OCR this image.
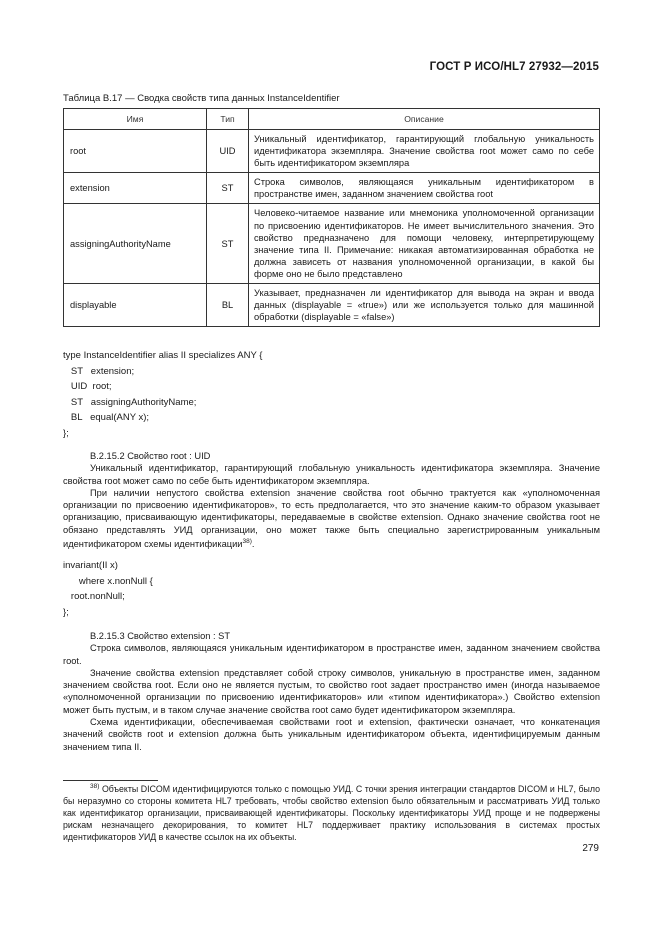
ГОСТ Р ИСО/HL7 27932—2015
Таблица В.17 — Сводка свойств типа данных InstanceIdentifier
Имя	Тип	Описание
root	UID	Уникальный идентификатор, гарантирующий глобальную уникальность идентификатора экземпляра. Значение свойства root может само по себе быть идентификатором экземпляра
extension	ST	Строка символов, являющаяся уникальным идентификатором в пространстве имен, заданном значением свойства root
assigningAuthorityName	ST	Человеко-читаемое название или мнемоника уполномоченной организации по присвоению идентификаторов. Не имеет вычислительного значения. Это свойство предназначено для помощи человеку, интерпретирующему значение типа II. Примечание: никакая автоматизированная обработка не должна зависеть от названия уполномоченной организации, в какой бы форме оно не было представлено
displayable	BL	Указывает, предназначен ли идентификатор для вывода на экран и ввода данных (displayable = «true») или же используется только для машинной обработки (displayable = «false»)
type InstanceIdentifier alias II specializes ANY {
ST   extension;
UID  root;
ST   assigningAuthorityName;
BL   equal(ANY x);
};

B.2.15.2 Свойство root : UID

Уникальный идентификатор, гарантирующий глобальную уникальность идентификатора экземпляра. Значение свойства root может само по себе быть идентификатором экземпляра.

При наличии непустого свойства extension значение свойства root обычно трактуется как «уполномоченная организации по присвоению идентификаторов», то есть предполагается, что это значение каким-то образом указывает организацию, присваивающую идентификаторы, передаваемые в свойстве extension. Однако значение свойства root не обязано представлять УИД организации, оно может также быть специально зарегистрированным уникальным идентификатором схемы идентификации$^{38)}$.

invariant(II x)
where x.nonNull {
root.nonNull;
};

B.2.15.3 Свойство extension : ST

Строка символов, являющаяся уникальным идентификатором в пространстве имен, заданном значением свойства root.

Значение свойства extension представляет собой строку символов, уникальную в пространстве имен, заданном значением свойства root. Если оно не является пустым, то свойство root задает пространство имен (иногда называемое «уполномоченной организации по присвоению идентификаторов» или «типом идентификатора».) Свойство extension может быть пустым, и в таком случае значение свойства root само будет идентификатором экземпляра.

Схема идентификации, обеспечиваемая свойствами root и extension, фактически означает, что конкатенация значений свойств root и extension должна быть уникальным идентификатором объекта, идентифицируемым данным значением типа II.

$^{38)}$ Объекты DICOM идентифицируются только с помощью УИД. С точки зрения интеграции стандартов DICOM и HL7, было бы неразумно со стороны комитета HL7 требовать, чтобы свойство extension было обязательным и рассматривать УИД только как идентификатор организации, присваивающей идентификаторы. Поскольку идентификаторы УИД проще и не подвержены рискам незначащего декорирования, то комитет HL7 поддерживает практику использования в системах простых идентификаторов УИД в качестве ссылок на их объекты.
279
